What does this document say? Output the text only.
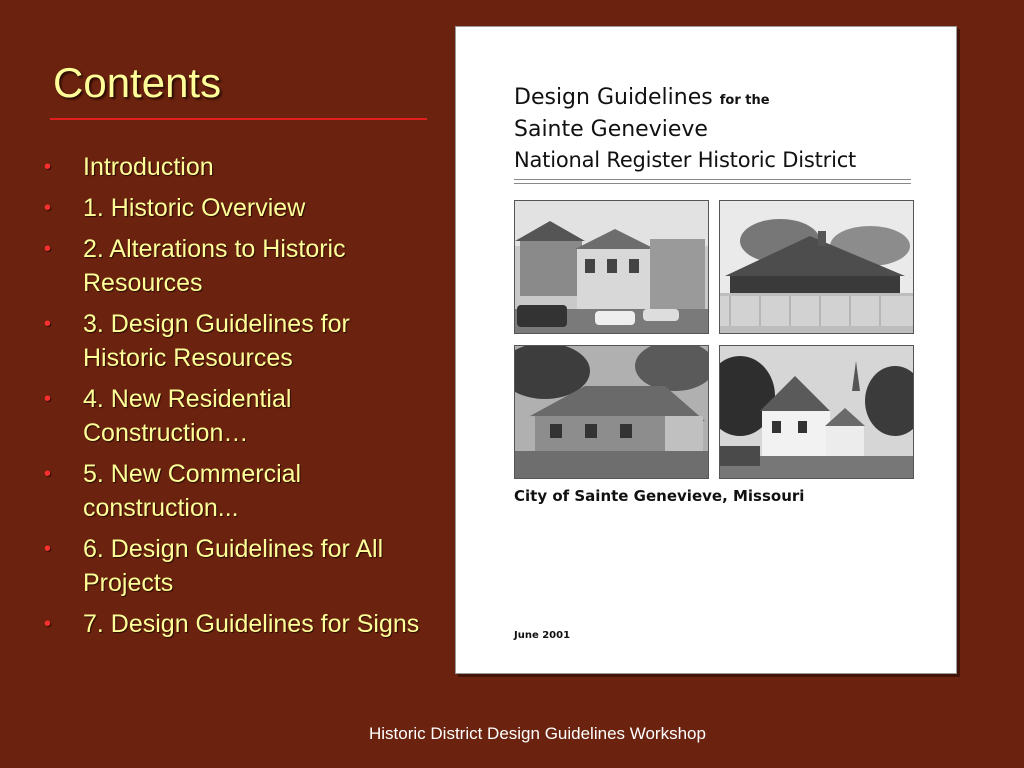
Contents
• Introduction
• 1. Historic Overview
• 2. Alterations to Historic Resources
• 3. Design Guidelines for Historic Resources
• 4. New Residential Construction…
• 5. New Commercial construction...
• 6. Design Guidelines for All Projects
• 7. Design Guidelines for Signs
Design Guidelines for the
Sainte Genevieve
National Register Historic District
City of Sainte Genevieve, Missouri
June 2001
Historic District Design Guidelines Workshop
